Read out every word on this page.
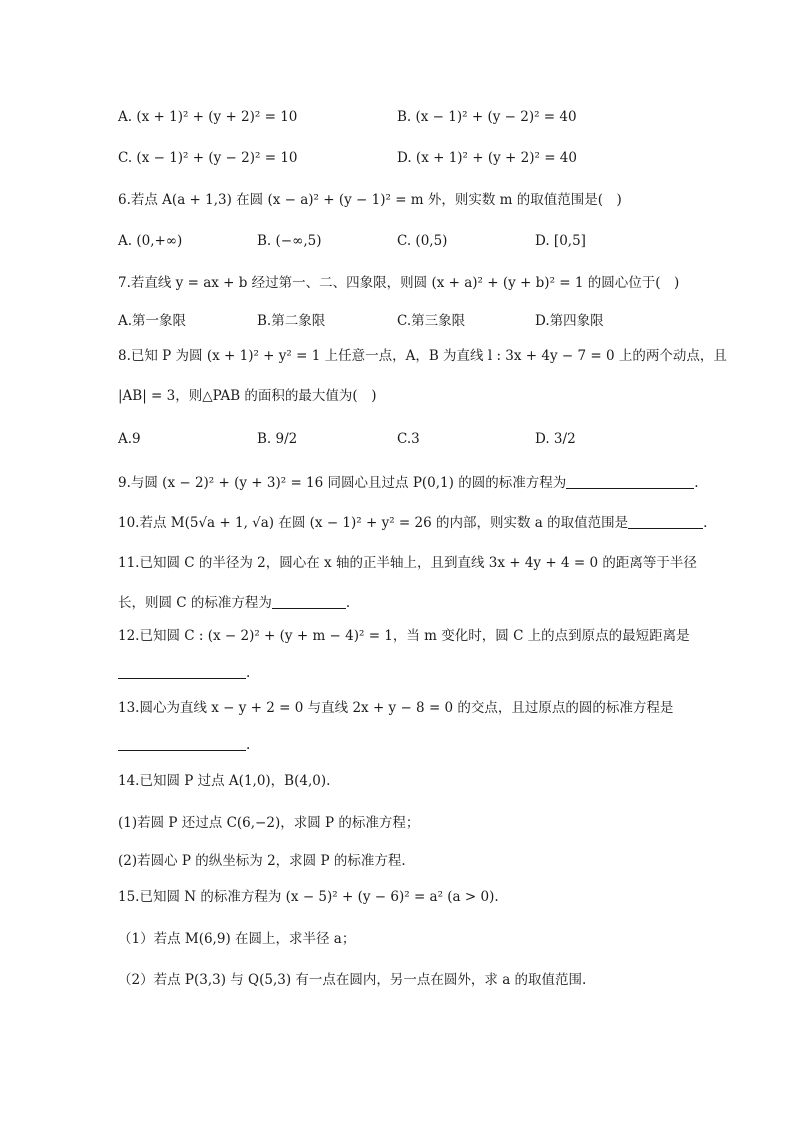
A. (x + 1)² + (y + 2)² = 10	B. (x − 1)² + (y − 2)² = 40
C. (x − 1)² + (y − 2)² = 10	D. (x + 1)² + (y + 2)² = 40
6.若点 A(a + 1,3) 在圆 (x − a)² + (y − 1)² = m 外，则实数 m 的取值范围是(　)
A. (0,+∞)	B. (−∞,5)	C. (0,5)	D. [0,5]
7.若直线 y = ax + b 经过第一、二、四象限，则圆 (x + a)² + (y + b)² = 1 的圆心位于(　)
A.第一象限	B.第二象限	C.第三象限	D.第四象限
8.已知 P 为圆 (x + 1)² + y² = 1 上任意一点，A，B 为直线 l : 3x + 4y − 7 = 0 上的两个动点，且
|AB| = 3，则△PAB 的面积的最大值为(　)
A.9	B. 9/2	C.3	D. 3/2
9.与圆 (x − 2)² + (y + 3)² = 16 同圆心且过点 P(0,1) 的圆的标准方程为	.
10.若点 M(5√a + 1, √a) 在圆 (x − 1)² + y² = 26 的内部，则实数 a 的取值范围是	.
11.已知圆 C 的半径为 2，圆心在 x 轴的正半轴上，且到直线 3x + 4y + 4 = 0 的距离等于半径
长，则圆 C 的标准方程为	.
12.已知圆 C : (x − 2)² + (y + m − 4)² = 1，当 m 变化时，圆 C 上的点到原点的最短距离是
.
13.圆心为直线 x − y + 2 = 0 与直线 2x + y − 8 = 0 的交点，且过原点的圆的标准方程是
.
14.已知圆 P 过点 A(1,0)，B(4,0).
(1)若圆 P 还过点 C(6,−2)，求圆 P 的标准方程；
(2)若圆心 P 的纵坐标为 2，求圆 P 的标准方程.
15.已知圆 N 的标准方程为 (x − 5)² + (y − 6)² = a² (a > 0).
（1）若点 M(6,9) 在圆上，求半径 a；
（2）若点 P(3,3) 与 Q(5,3) 有一点在圆内，另一点在圆外，求 a 的取值范围.
